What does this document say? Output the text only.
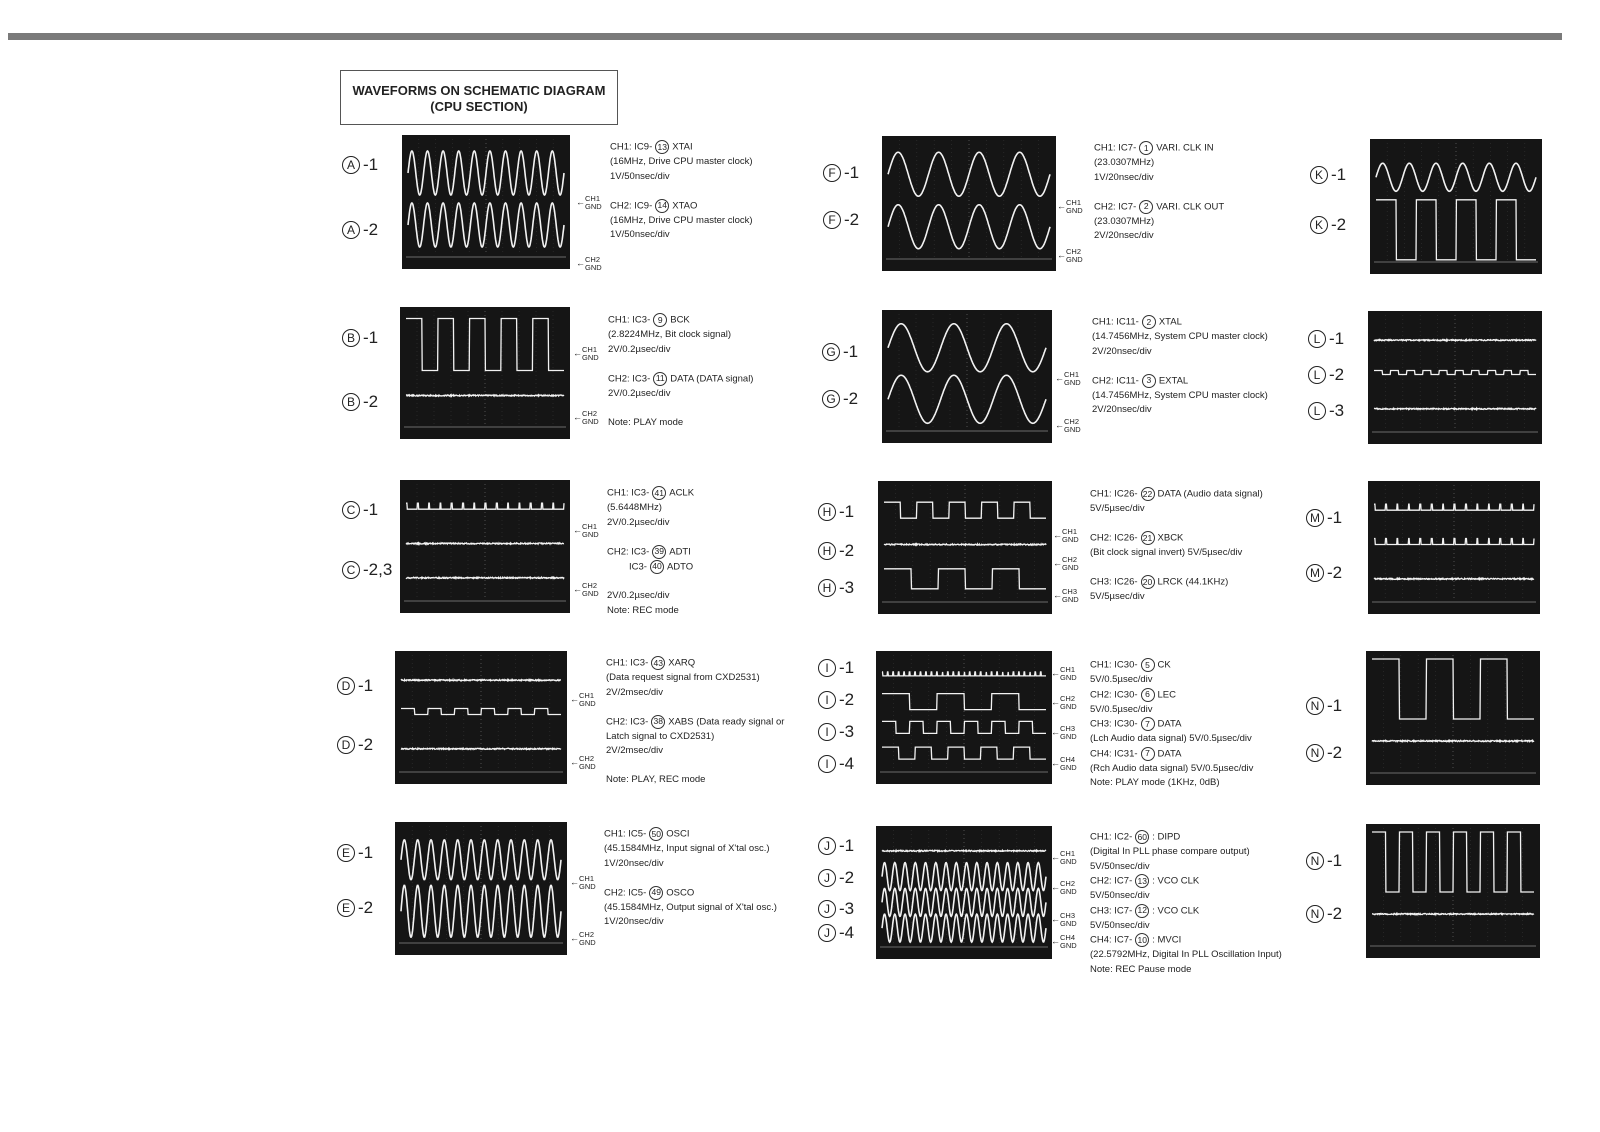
WAVEFORMS ON SCHEMATIC DIAGRAM
(CPU SECTION)
A -1
A -2
CH1: IC9- 13 XTAI
(16MHz, Drive CPU master clock)
1V/50nsec/div

CH2: IC9- 14 XTAO
(16MHz, Drive CPU master clock)
1V/50nsec/div
← CH1
GND
← CH2
GND
B -1
B -2
CH1: IC3- 9 BCK
(2.8224MHz, Bit clock signal)
2V/0.2µsec/div

CH2: IC3- 11 DATA (DATA signal)
2V/0.2µsec/div

Note: PLAY mode
← CH1
GND
← CH2
GND
C -1
C -2,3
CH1: IC3- 41 ACLK
(5.6448MHz)
2V/0.2µsec/div

CH2: IC3- 39 ADTI
IC3- 40 ADTO

2V/0.2µsec/div
Note: REC mode
← CH1
GND
← CH2
GND
D -1
D -2
CH1: IC3- 43 XARQ
(Data request signal from CXD2531)
2V/2msec/div

CH2: IC3- 38 XABS (Data ready signal or
Latch signal to CXD2531)
2V/2msec/div

Note: PLAY, REC mode
← CH1
GND
← CH2
GND
E -1
E -2
CH1: IC5- 50 OSCI
(45.1584MHz, Input signal of X'tal osc.)
1V/20nsec/div

CH2: IC5- 49 OSCO
(45.1584MHz, Output signal of X'tal osc.)
1V/20nsec/div
← CH1
GND
← CH2
GND
F -1
F -2
CH1: IC7- 1 VARI. CLK IN
(23.0307MHz)
1V/20nsec/div

CH2: IC7- 2 VARI. CLK OUT
(23.0307MHz)
2V/20nsec/div
← CH1
GND
← CH2
GND
G -1
G -2
CH1: IC11- 2 XTAL
(14.7456MHz, System CPU master clock)
2V/20nsec/div

CH2: IC11- 3 EXTAL
(14.7456MHz, System CPU master clock)
2V/20nsec/div
← CH1
GND
← CH2
GND
H -1
H -2
H -3
CH1: IC26- 22 DATA (Audio data signal)
5V/5µsec/div

CH2: IC26- 21 XBCK
(Bit clock signal invert) 5V/5µsec/div

CH3: IC26- 20 LRCK (44.1KHz)
5V/5µsec/div
← CH1
GND
← CH2
GND
← CH3
GND
I -1
I -2
I -3
I -4
CH1: IC30- 5 CK
5V/0.5µsec/div
CH2: IC30- 6 LEC
5V/0.5µsec/div
CH3: IC30- 7 DATA
(Lch Audio data signal) 5V/0.5µsec/div
CH4: IC31- 7 DATA
(Rch Audio data signal) 5V/0.5µsec/div
Note: PLAY mode (1KHz, 0dB)
← CH1
GND
← CH2
GND
← CH3
GND
← CH4
GND
J -1
J -2
J -3
J -4
CH1: IC2- 60 : DIPD
(Digital In PLL phase compare output)
5V/50nsec/div
CH2: IC7- 13 : VCO CLK
5V/50nsec/div
CH3: IC7- 12 : VCO CLK
5V/50nsec/div
CH4: IC7- 10 : MVCI
(22.5792MHz, Digital In PLL Oscillation Input)
Note: REC Pause mode
← CH1
GND
← CH2
GND
← CH3
GND
← CH4
GND
K -1
K -2
L -1
L -2
L -3
M -1
M -2
N -1
N -2
N -1
N -2
